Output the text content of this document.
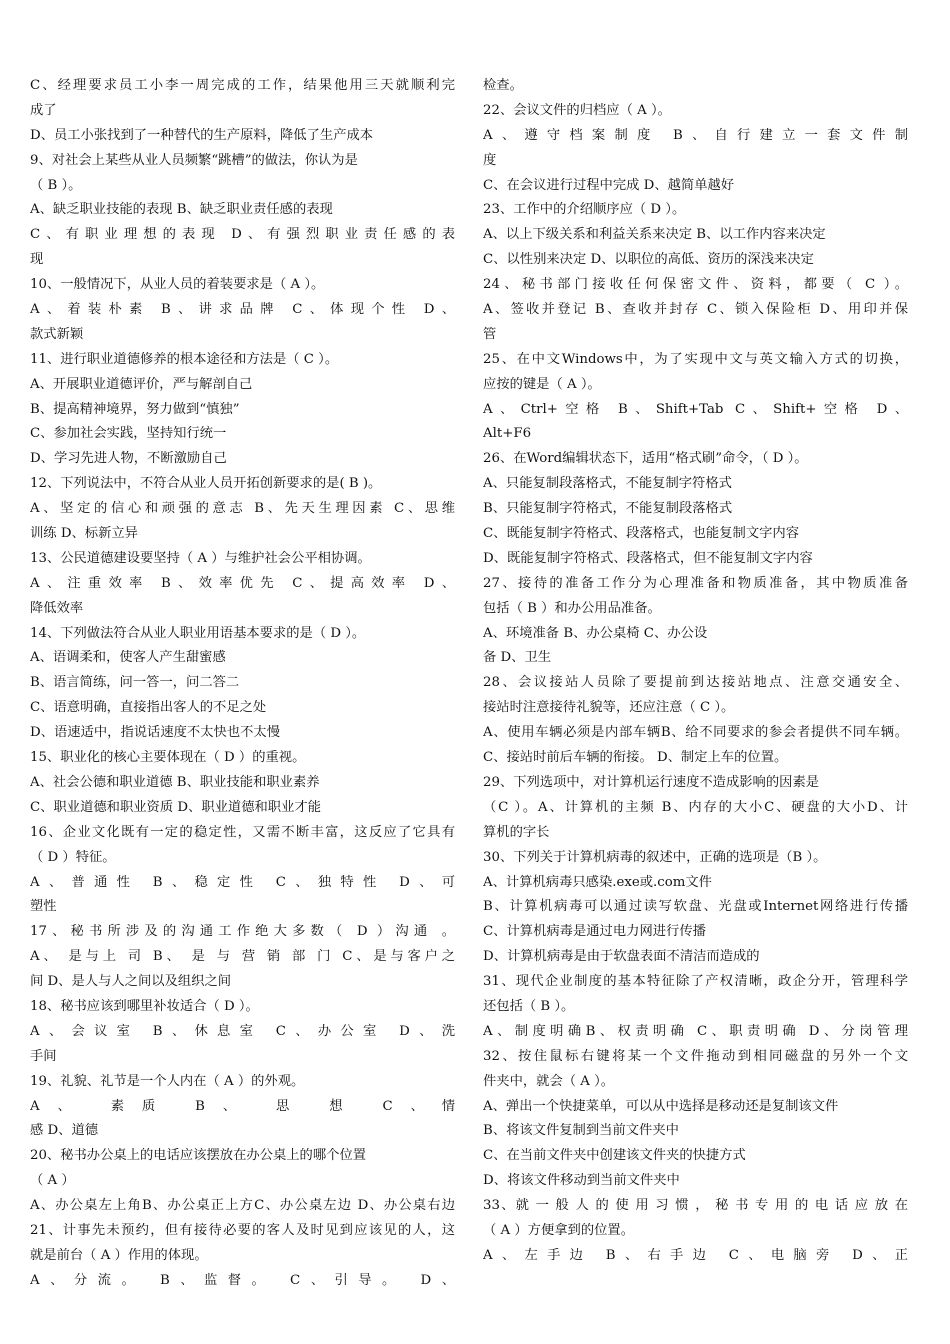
C、经理要求员工小李一周完成的工作，结果他用三天就顺利完
成了
D、员工小张找到了一种替代的生产原料，降低了生产成本
9、对社会上某些从业人员频繁“跳槽”的做法，你认为是
（ B ）。
A、缺乏职业技能的表现 B、缺乏职业责任感的表现
C、有职业理想的表现 D、有强烈职业责任感的表
现
10、一般情况下，从业人员的着装要求是（ A ）。
A、着装朴素 B、讲求品牌 C、体现个性 D、
款式新颖
11、进行职业道德修养的根本途径和方法是（ C ）。
A、开展职业道德评价，严与解剖自己
B、提高精神境界，努力做到“慎独”
C、参加社会实践，坚持知行统一
D、学习先进人物，不断激励自己
12、下列说法中，不符合从业人员开拓创新要求的是( B )。
A、坚定的信心和顽强的意志 B、先天生理因素 C、思维
训练 D、标新立异
13、公民道德建设要坚持（ A ）与维护社会公平相协调。
A、注重效率 B、效率优先 C、提高效率 D、
降低效率
14、下列做法符合从业人职业用语基本要求的是（ D ）。
A、语调柔和，使客人产生甜蜜感
B、语言简练，问一答一，问二答二
C、语意明确，直接指出客人的不足之处
D、语速适中，指说话速度不太快也不太慢
15、职业化的核心主要体现在（ D ）的重视。
A、社会公德和职业道德 B、职业技能和职业素养
C、职业道德和职业资质 D、职业道德和职业才能
16、企业文化既有一定的稳定性，又需不断丰富，这反应了它具有
（ D ）特征。
A、普通性 B、稳定性 C、独特性 D、可
塑性
17、秘书所涉及的沟通工作绝大多数（ D ）沟通 。
A、 是与上 司 B、 是 与 营 销 部 门 C、是与客户之
间 D、是人与人之间以及组织之间
18、秘书应该到哪里补妆适合（ D ）。
A、会议室 B、休息室 C、办公室 D、洗
手间
19、礼貌、礼节是一个人内在（ A ）的外观。
A、 素质 B、 思 想 C、情
感 D、道德
20、秘书办公桌上的电话应该摆放在办公桌上的哪个位置
（ A ）
A、办公桌左上角B、办公桌正上方C、办公桌左边 D、办公桌右边
21、计事先未预约，但有接待必要的客人及时见到应该见的人，这
就是前台（ A ）作用的体现。
A、分流。 B、监督。 C、引导。 D、
检查。
22、会议文件的归档应（ A ）。
A、遵守档案制度 B、自行建立一套文件制
度
C、在会议进行过程中完成 D、越简单越好
23、工作中的介绍顺序应（ D ）。
A、以上下级关系和利益关系来决定 B、以工作内容来决定
C、以性别来决定 D、以职位的高低、资历的深浅来决定
24、秘书部门接收任何保密文件、资料，都要（ C ）。
A、签收并登记 B、查收并封存 C、锁入保险柜 D、用印并保
管
25、在中文Windows中，为了实现中文与英文输入方式的切换，
应按的键是（ A ）。
A、Ctrl+空格 B、Shift+Tab C、Shift+空格 D、
Alt+F6
26、在Word编辑状态下，适用“格式刷”命令，（ D ）。
A、只能复制段落格式，不能复制字符格式
B、只能复制字符格式，不能复制段落格式
C、既能复制字符格式、段落格式，也能复制文字内容
D、既能复制字符格式、段落格式，但不能复制文字内容
27、接待的准备工作分为心理准备和物质准备，其中物质准备
包括（ B ）和办公用品准备。
A、环境准备 B、办公桌椅 C、办公设
备 D、卫生
28、会议接站人员除了要提前到达接站地点、注意交通安全、
接站时注意接待礼貌等，还应注意（ C ）。
A、使用车辆必须是内部车辆B、给不同要求的参会者提供不同车辆。
C、接站时前后车辆的衔接。 D、制定上车的位置。
29、下列选项中，对计算机运行速度不造成影响的因素是
（C ）。A、计算机的主频 B、内存的大小C、硬盘的大小D、计
算机的字长
30、下列关于计算机病毒的叙述中，正确的选项是（B ）。
A、计算机病毒只感染.exe或.com文件
B、计算机病毒可以通过读写软盘、光盘或Internet网络进行传播
C、计算机病毒是通过电力网进行传播
D、计算机病毒是由于软盘表面不清洁而造成的
31、现代企业制度的基本特征除了产权清晰，政企分开，管理科学
还包括（ B ）。
A、制度明确B、权责明确 C、职责明确 D、分岗管理
32、按住鼠标右键将某一个文件拖动到相同磁盘的另外一个文
件夹中，就会（ A ）。
A、弹出一个快捷菜单，可以从中选择是移动还是复制该文件
B、将该文件复制到当前文件夹中
C、在当前文件夹中创建该文件夹的快捷方式
D、将该文件移动到当前文件夹中
33、就 一 般 人 的 使 用 习 惯 ， 秘 书 专 用 的 电 话 应 放 在
（ A ）方便拿到的位置。
A、左手边 B、右手边 C、电脑旁 D、正
